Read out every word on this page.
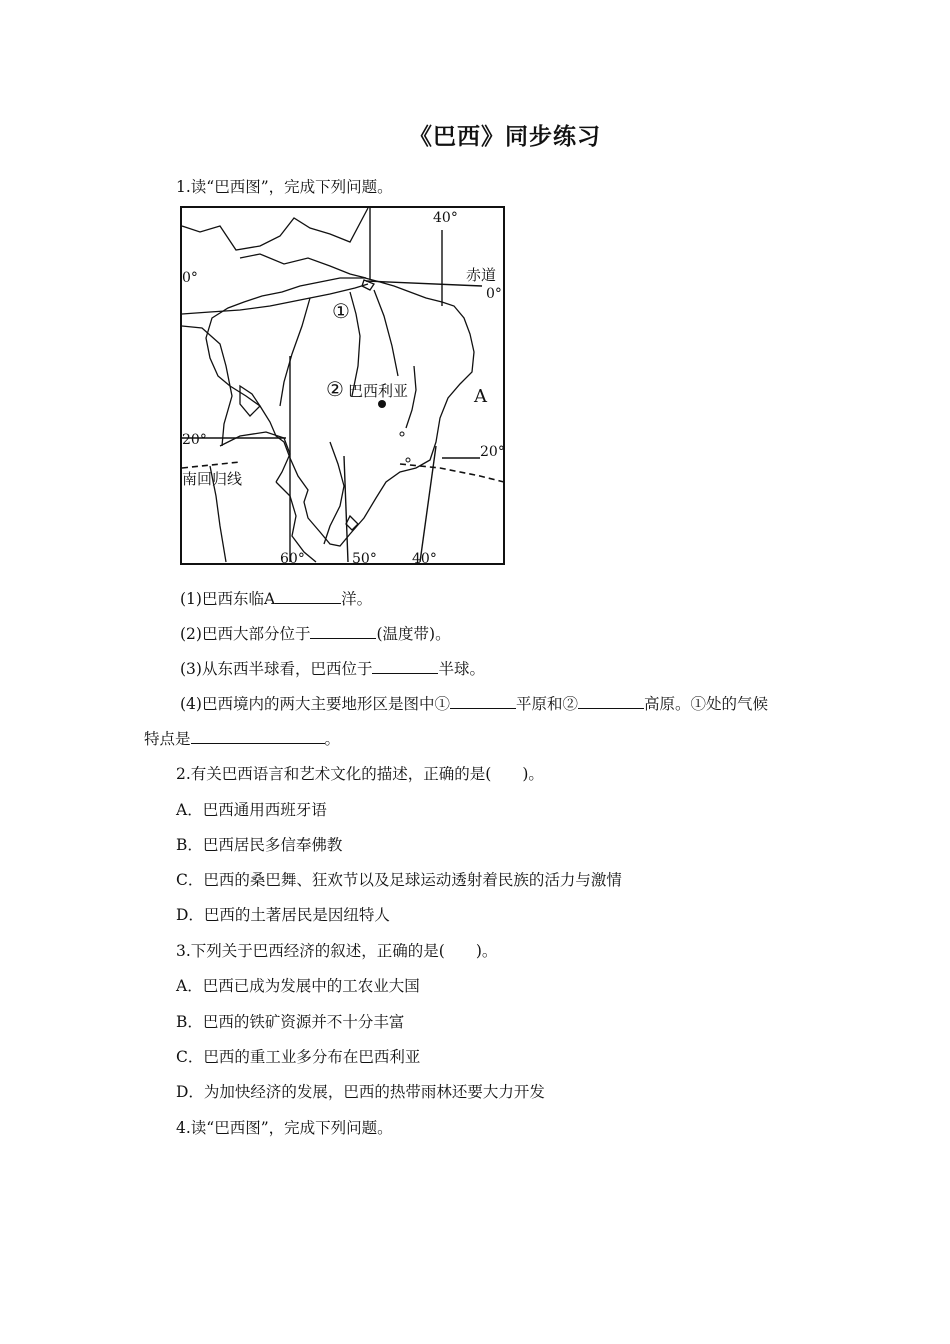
《巴西》同步练习
1.读“巴西图”，完成下列问题。
40°
0°	赤道
0°
①
② 巴西利亚	A
20°
20°
南回归线
60°	50°	40°
(1)巴西东临A	洋。
(2)巴西大部分位于	(温度带)。
(3)从东西半球看，巴西位于	半球。
(4)巴西境内的两大主要地形区是图中①	平原和②	高原。①处的气候
特点是	。
2.有关巴西语言和艺术文化的描述，正确的是(　　)。
A．巴西通用西班牙语
B．巴西居民多信奉佛教
C．巴西的桑巴舞、狂欢节以及足球运动透射着民族的活力与激情
D．巴西的土著居民是因纽特人
3.下列关于巴西经济的叙述，正确的是(　　)。
A．巴西已成为发展中的工农业大国
B．巴西的铁矿资源并不十分丰富
C．巴西的重工业多分布在巴西利亚
D．为加快经济的发展，巴西的热带雨林还要大力开发
4.读“巴西图”，完成下列问题。
